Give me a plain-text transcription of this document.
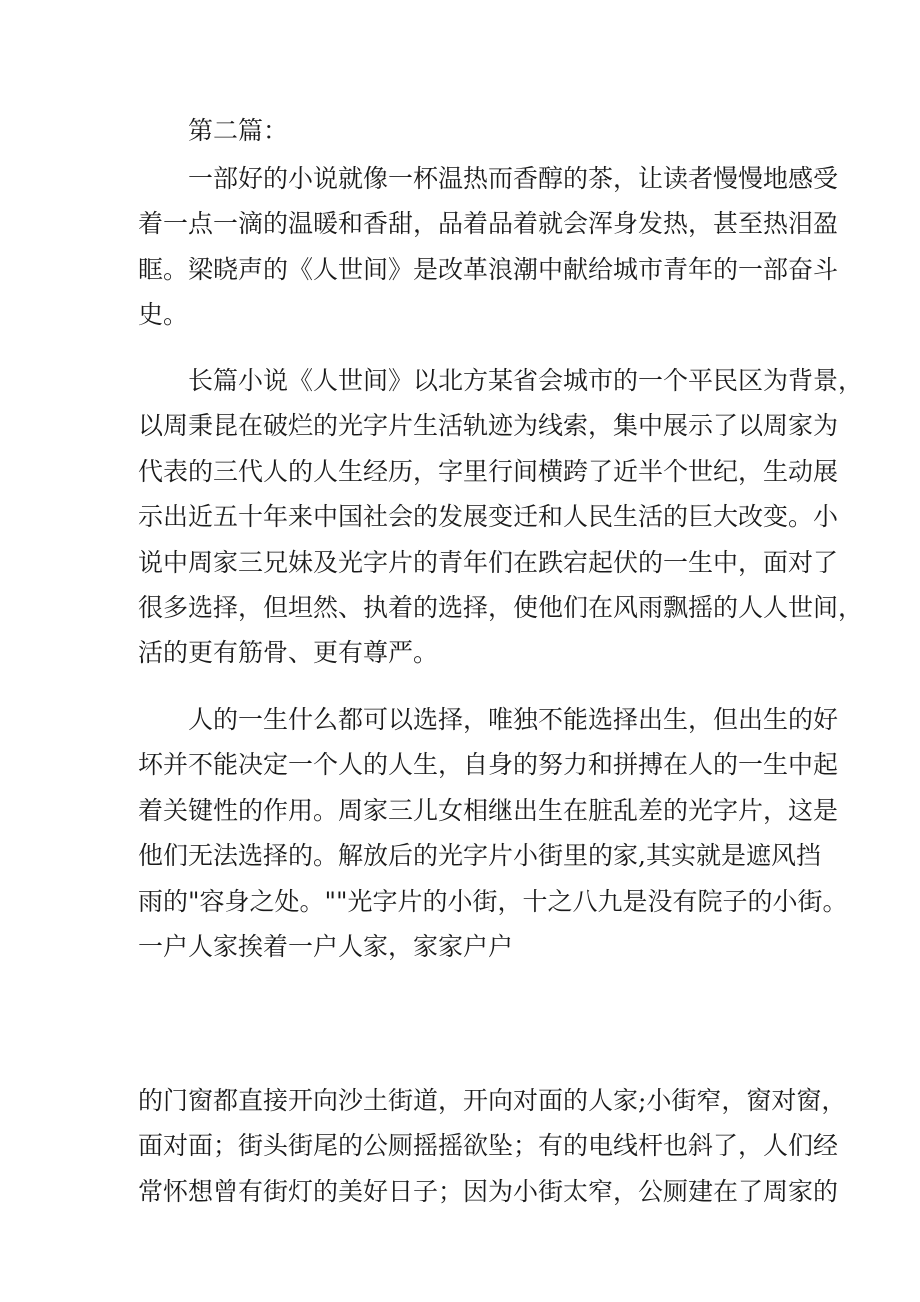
第二篇：
一部好的小说就像一杯温热而香醇的茶，让读者慢慢地感受
着一点一滴的温暖和香甜，品着品着就会浑身发热，甚至热泪盈
眶。梁晓声的《人世间》是改革浪潮中献给城市青年的一部奋斗
史。
长篇小说《人世间》以北方某省会城市的一个平民区为背景，
以周秉昆在破烂的光字片生活轨迹为线索，集中展示了以周家为
代表的三代人的人生经历，字里行间横跨了近半个世纪，生动展
示出近五十年来中国社会的发展变迁和人民生活的巨大改变。小
说中周家三兄妹及光字片的青年们在跌宕起伏的一生中，面对了
很多选择，但坦然、执着的选择，使他们在风雨飘摇的人人世间，
活的更有筋骨、更有尊严。
人的一生什么都可以选择，唯独不能选择出生，但出生的好
坏并不能决定一个人的人生，自身的努力和拼搏在人的一生中起
着关键性的作用。周家三儿女相继出生在脏乱差的光字片，这是
他们无法选择的。解放后的光字片小街里的家,其实就是遮风挡
雨的"容身之处。""光字片的小街，十之八九是没有院子的小街。
一户人家挨着一户人家，家家户户
的门窗都直接开向沙土街道，开向对面的人家;小街窄，窗对窗，
面对面；街头街尾的公厕摇摇欲坠；有的电线杆也斜了，人们经
常怀想曾有街灯的美好日子；因为小街太窄，公厕建在了周家的
